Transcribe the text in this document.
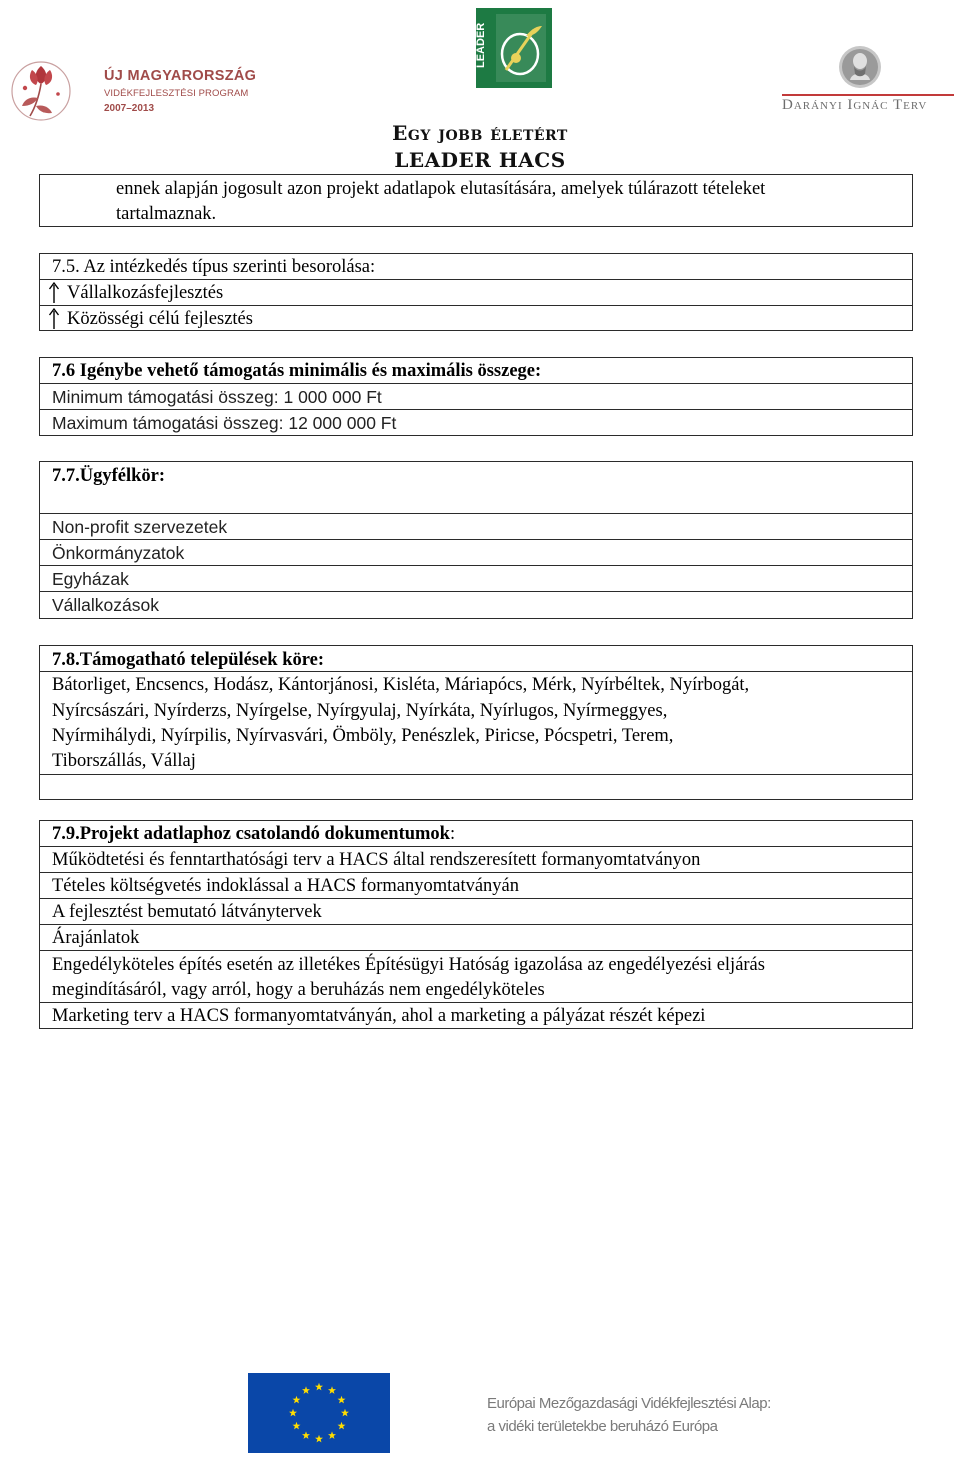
ÚJ MAGYARORSZÁG
VIDÉKFEJLESZTÉSI PROGRAM
2007–2013
LEADER
Darányi Ignác Terv
Egy jobb életért
LEADER HACS
ennek alapján jogosult azon projekt adatlapok elutasítására, amelyek túlárazott tételeket
tartalmaznak.
7.5. Az intézkedés típus szerinti besorolása:
Vállalkozásfejlesztés
Közösségi célú fejlesztés
7.6 Igénybe vehető támogatás minimális és maximális összege:
Minimum támogatási összeg: 1 000 000 Ft
Maximum támogatási összeg: 12 000 000 Ft
7.7.Ügyfélkör:
Non-profit szervezetek
Önkormányzatok
Egyházak
Vállalkozások
7.8.Támogatható települések köre:
Bátorliget, Encsencs, Hodász, Kántorjánosi, Kisléta, Máriapócs, Mérk, Nyírbéltek, Nyírbogát,
Nyírcsászári, Nyírderzs, Nyírgelse, Nyírgyulaj, Nyírkáta, Nyírlugos, Nyírmeggyes,
Nyírmihálydi, Nyírpilis, Nyírvasvári, Ömböly, Penészlek, Piricse, Pócspetri, Terem,
Tiborszállás, Vállaj
7.9.Projekt adatlaphoz csatolandó dokumentumok:
Működtetési és fenntarthatósági terv a HACS által rendszeresített formanyomtatványon
Tételes költségvetés indoklással a HACS formanyomtatványán
A fejlesztést bemutató látványtervek
Árajánlatok
Engedélyköteles építés esetén az illetékes Építésügyi Hatóság igazolása az engedélyezési eljárás
megindításáról, vagy arról, hogy a beruházás nem engedélyköteles
Marketing terv a HACS formanyomtatványán, ahol a marketing a pályázat részét képezi
Európai Mezőgazdasági Vidékfejlesztési Alap:
a vidéki területekbe beruházó Európa
